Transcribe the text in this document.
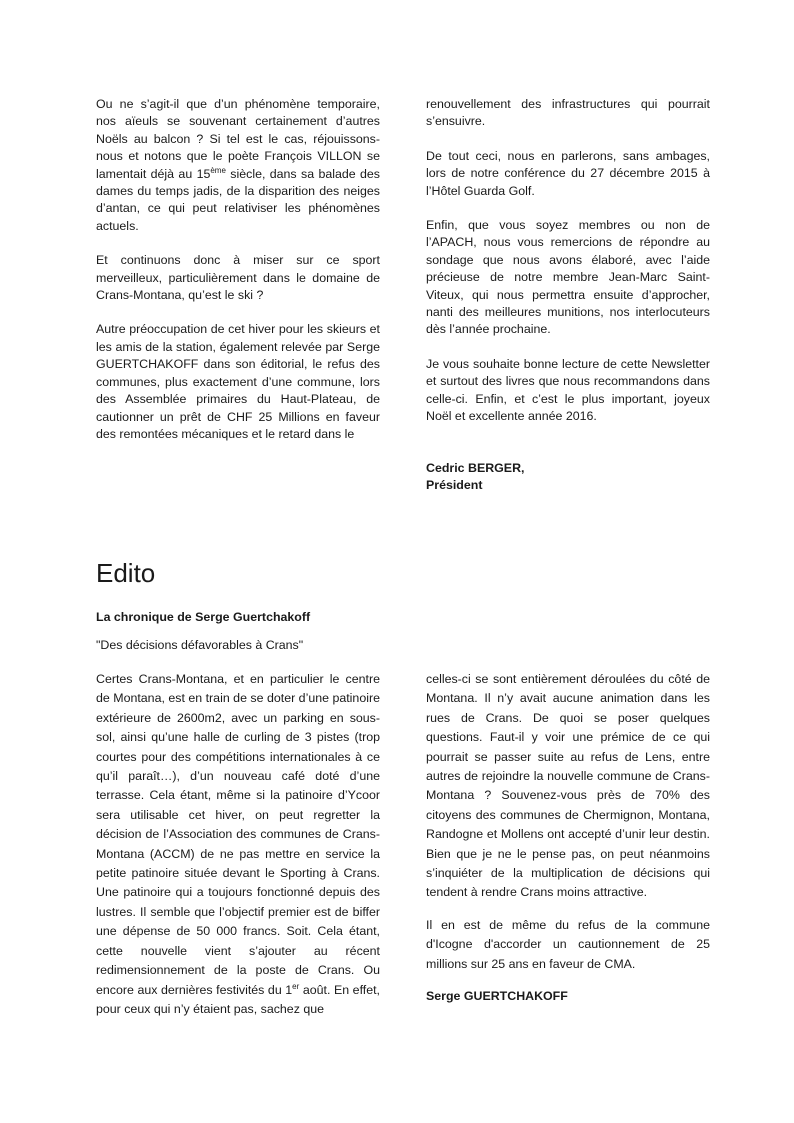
Ou ne s’agit-il que d’un phénomène temporaire, nos aïeuls se souvenant certainement d’autres Noëls au balcon ? Si tel est le cas, réjouissons-nous et notons que le poète François VILLON se lamentait déjà au 15ème siècle, dans sa balade des dames du temps jadis, de la disparition des neiges d’antan, ce qui peut relativiser les phénomènes actuels.

Et continuons donc à miser sur ce sport merveilleux, particulièrement dans le domaine de Crans-Montana, qu’est le ski ?

Autre préoccupation de cet hiver pour les skieurs et les amis de la station, également relevée par Serge GUERTCHAKOFF dans son éditorial, le refus des communes, plus exactement d’une commune, lors des Assemblée primaires du Haut-Plateau, de cautionner un prêt de CHF 25 Millions en faveur des remontées mécaniques et le retard dans le

renouvellement des infrastructures qui pourrait s’ensuivre.

De tout ceci, nous en parlerons, sans ambages, lors de notre conférence du 27 décembre 2015 à l’Hôtel Guarda Golf.

Enfin, que vous soyez membres ou non de l’APACH, nous vous remercions de répondre au sondage que nous avons élaboré, avec l’aide précieuse de notre membre Jean-Marc Saint-Viteux, qui nous permettra ensuite d’approcher, nanti des meilleures munitions, nos interlocuteurs dès l’année prochaine.

Je vous souhaite bonne lecture de cette Newsletter et surtout des livres que nous recommandons dans celle-ci. Enfin, et c’est le plus important, joyeux Noël et excellente année 2016.

Cedric BERGER,

Président

Edito
La chronique de Serge Guertchakoff
"Des décisions défavorables à Crans"

Certes Crans-Montana, et en particulier le centre de Montana, est en train de se doter d’une patinoire extérieure de 2600m2, avec un parking en sous-sol, ainsi qu’une halle de curling de 3 pistes (trop courtes pour des compétitions internationales à ce qu’il paraît…), d’un nouveau café doté d’une terrasse. Cela étant, même si la patinoire d’Ycoor sera utilisable cet hiver, on peut regretter la décision de l’Association des communes de Crans-Montana (ACCM) de ne pas mettre en service la petite patinoire située devant le Sporting à Crans. Une patinoire qui a toujours fonctionné depuis des lustres. Il semble que l’objectif premier est de biffer une dépense de 50 000 francs. Soit. Cela étant, cette nouvelle vient s’ajouter au récent redimensionnement de la poste de Crans. Ou encore aux dernières festivités du 1er août. En effet, pour ceux qui n’y étaient pas, sachez que

celles-ci se sont entièrement déroulées du côté de Montana. Il n’y avait aucune animation dans les rues de Crans. De quoi se poser quelques questions. Faut-il y voir une prémice de ce qui pourrait se passer suite au refus de Lens, entre autres de rejoindre la nouvelle commune de Crans-Montana ? Souvenez-vous près de 70% des citoyens des communes de Chermignon, Montana, Randogne et Mollens ont accepté d’unir leur destin. Bien que je ne le pense pas, on peut néanmoins s’inquiéter de la multiplication de décisions qui tendent à rendre Crans moins attractive.

Il en est de même du refus de la commune d'Icogne d'accorder un cautionnement de 25 millions sur 25 ans en faveur de CMA.

Serge GUERTCHAKOFF
